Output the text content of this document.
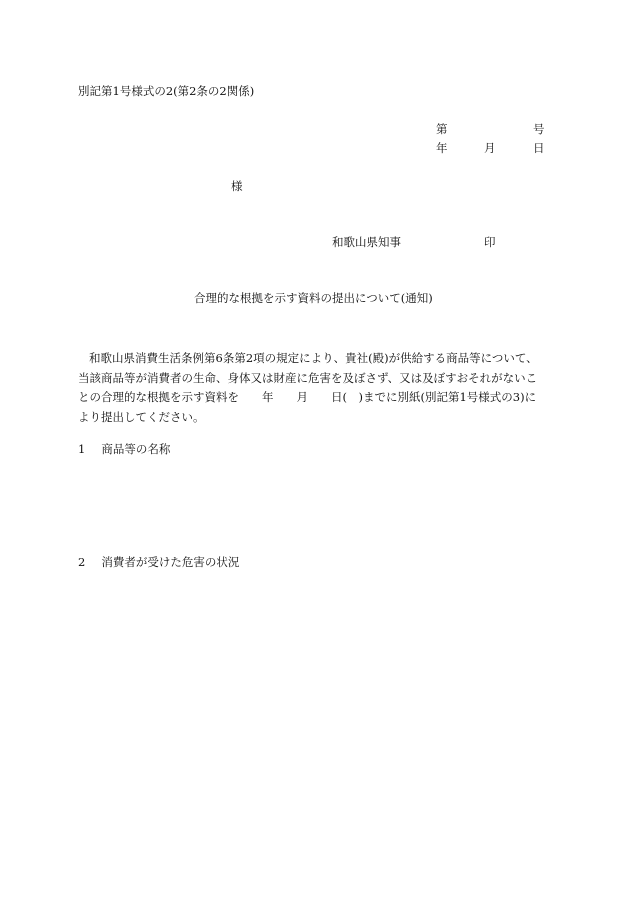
別記第1号様式の2(第2条の2関係)
第	号
年	月	日
様
和歌山県知事	印
合理的な根拠を示す資料の提出について(通知)
和歌山県消費生活条例第6条第2項の規定により、貴社(殿)が供給する商品等について、
当該商品等が消費者の生命、身体又は財産に危害を及ぼさず、又は及ぼすおそれがないこ
との合理的な根拠を示す資料を　　年　　月　　日(　)までに別紙(別記第1号様式の3)に
より提出してください。
1 商品等の名称
2 消費者が受けた危害の状況
